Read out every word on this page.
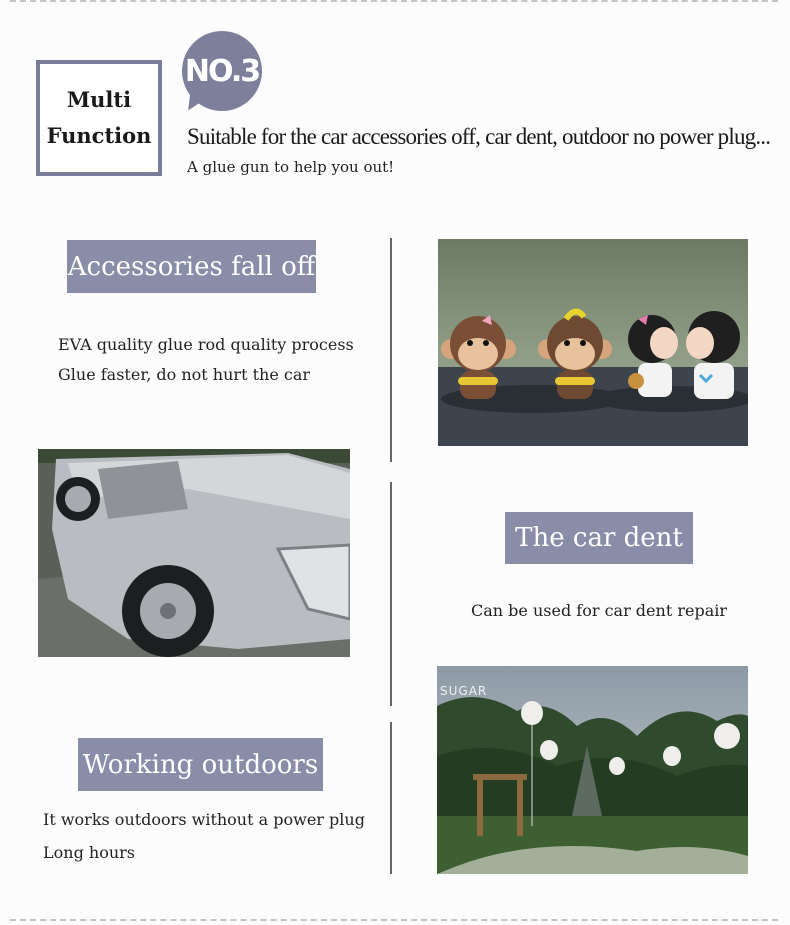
Multi
Function
NO.3
Suitable for the car accessories off, car dent, outdoor no power plug...
A glue gun to help you out!
Accessories fall off
EVA quality glue rod quality process
Glue faster, do not hurt the car
The car dent
Can be used for car dent repair
Working outdoors
It works outdoors without a power plug
Long hours
SUGAR
